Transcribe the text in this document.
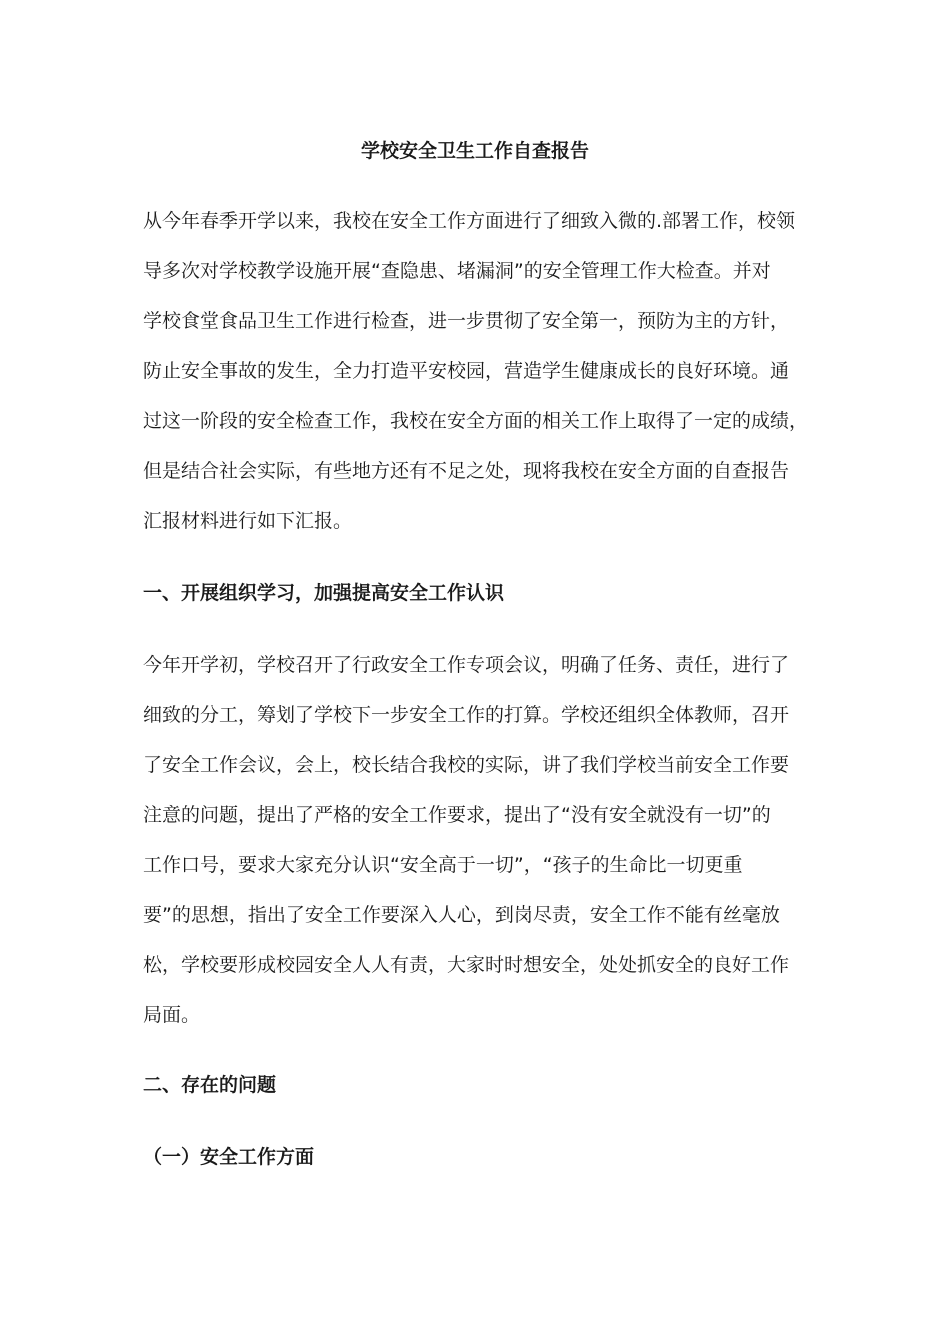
学校安全卫生工作自查报告
从今年春季开学以来，我校在安全工作方面进行了细致入微的.部署工作，校领
导多次对学校教学设施开展“查隐患、堵漏洞”的安全管理工作大检查。并对
学校食堂食品卫生工作进行检查，进一步贯彻了安全第一，预防为主的方针，
防止安全事故的发生，全力打造平安校园，营造学生健康成长的良好环境。通
过这一阶段的安全检查工作，我校在安全方面的相关工作上取得了一定的成绩，
但是结合社会实际，有些地方还有不足之处，现将我校在安全方面的自查报告
汇报材料进行如下汇报。
一、开展组织学习，加强提高安全工作认识
今年开学初，学校召开了行政安全工作专项会议，明确了任务、责任，进行了
细致的分工，筹划了学校下一步安全工作的打算。学校还组织全体教师，召开
了安全工作会议，会上，校长结合我校的实际，讲了我们学校当前安全工作要
注意的问题，提出了严格的安全工作要求，提出了“没有安全就没有一切”的
工作口号，要求大家充分认识“安全高于一切”，“孩子的生命比一切更重
要”的思想，指出了安全工作要深入人心，到岗尽责，安全工作不能有丝毫放
松，学校要形成校园安全人人有责，大家时时想安全，处处抓安全的良好工作
局面。
二、存在的问题
（一）安全工作方面
